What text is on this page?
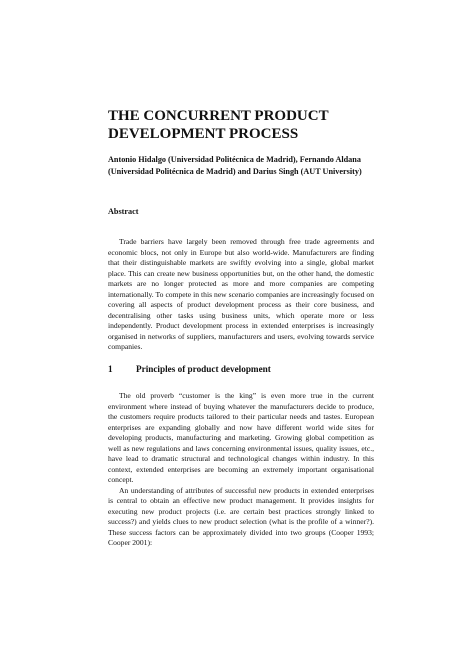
THE CONCURRENT PRODUCT
DEVELOPMENT PROCESS

Antonio Hidalgo (Universidad Politécnica de Madrid), Fernando Aldana
(Universidad Politécnica de Madrid) and Darius Singh (AUT University)

Abstract

Trade barriers have largely been removed through free trade agreements and economic blocs, not only in Europe but also world-wide. Manufacturers are finding that their distinguishable markets are swiftly evolving into a single, global market place. This can create new business opportunities but, on the other hand, the domestic markets are no longer protected as more and more companies are competing internationally. To compete in this new scenario companies are increasingly focused on covering all aspects of product development process as their core business, and decentralising other tasks using business units, which operate more or less independently. Product development process in extended enterprises is increasingly organised in networks of suppliers, manufacturers and users, evolving towards service companies.

1	Principles of product development

The old proverb “customer is the king” is even more true in the current environment where instead of buying whatever the manufacturers decide to produce, the customers require products tailored to their particular needs and tastes. European enterprises are expanding globally and now have different world wide sites for developing products, manufacturing and marketing. Growing global competition as well as new regulations and laws concerning environmental issues, quality issues, etc., have lead to dramatic structural and technological changes within industry. In this context, extended enterprises are becoming an extremely important organisational concept.

An understanding of attributes of successful new products in extended enterprises is central to obtain an effective new product management. It provides insights for executing new product projects (i.e. are certain best practices strongly linked to success?) and yields clues to new product selection (what is the profile of a winner?). These success factors can be approximately divided into two groups (Cooper 1993; Cooper 2001):
